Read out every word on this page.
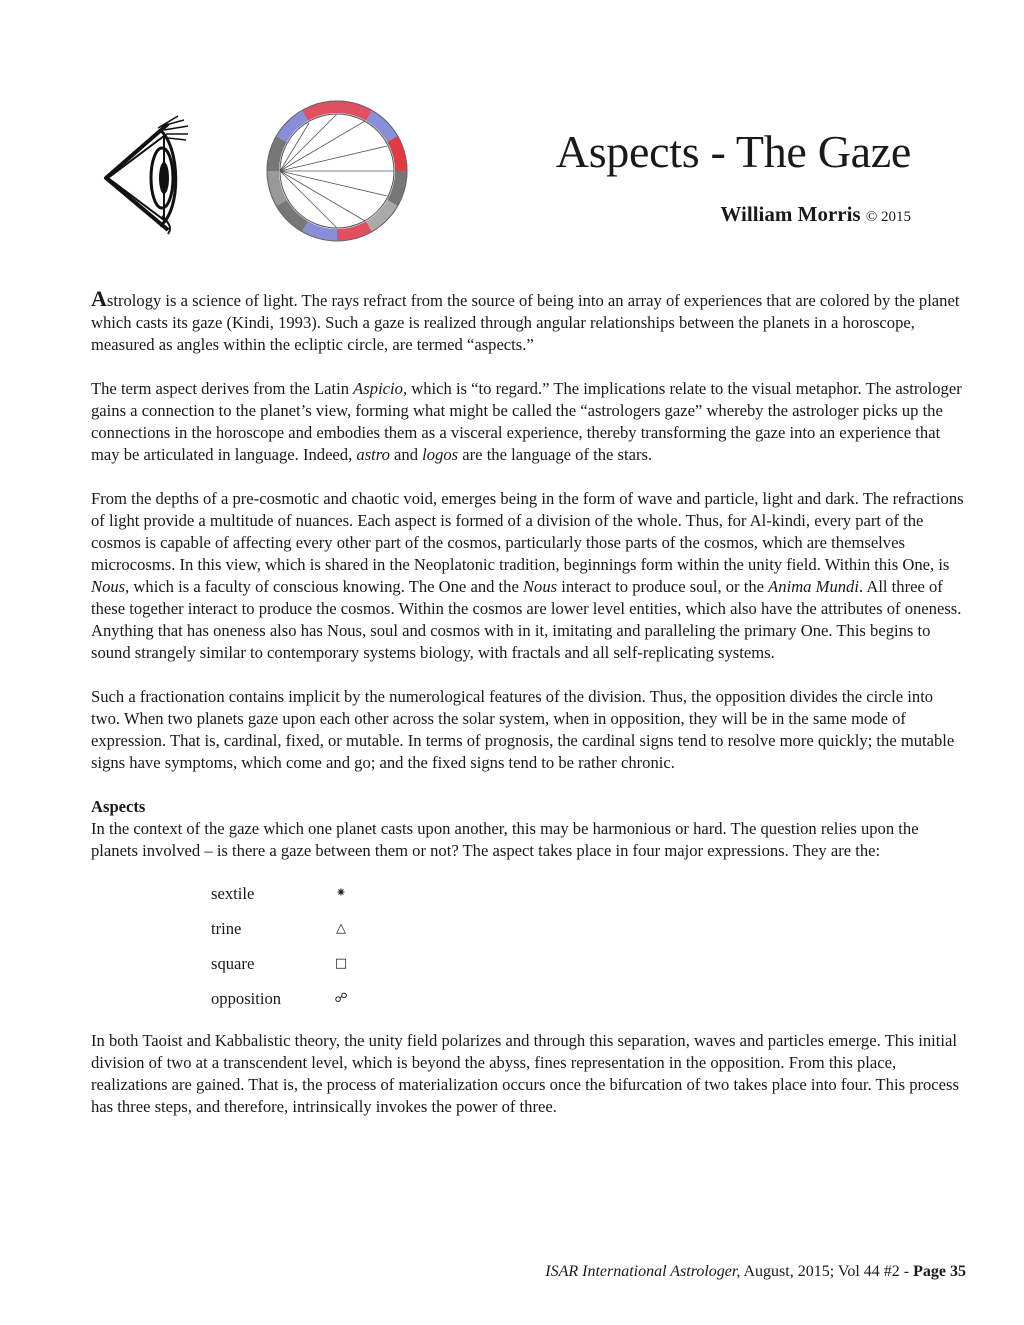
Aspects - The Gaze
William Morris © 2015

Astrology is a science of light. The rays refract from the source of being into an array of experiences that are colored by the planet which casts its gaze (Kindi, 1993). Such a gaze is realized through angular relationships between the planets in a horoscope, measured as angles within the ecliptic circle, are termed “aspects.”

The term aspect derives from the Latin Aspicio, which is “to regard.” The implications relate to the visual metaphor. The astrologer gains a connection to the planet’s view, forming what might be called the “astrologers gaze” whereby the astrologer picks up the connections in the horoscope and embodies them as a visceral experience, thereby transforming the gaze into an experience that may be articulated in language. Indeed, astro and logos are the language of the stars.

From the depths of a pre-cosmotic and chaotic void, emerges being in the form of wave and particle, light and dark. The refractions of light provide a multitude of nuances. Each aspect is formed of a division of the whole. Thus, for Al-kindi, every part of the cosmos is capable of affecting every other part of the cosmos, particularly those parts of the cosmos, which are themselves microcosms. In this view, which is shared in the Neoplatonic tradition, beginnings form within the unity field. Within this One, is Nous, which is a faculty of conscious knowing. The One and the Nous interact to produce soul, or the Anima Mundi. All three of these together interact to produce the cosmos. Within the cosmos are lower level entities, which also have the attributes of oneness. Anything that has oneness also has Nous, soul and cosmos with in it, imitating and paralleling the primary One. This begins to sound strangely similar to contemporary systems biology, with fractals and all self-replicating systems.

Such a fractionation contains implicit by the numerological features of the division. Thus, the opposition divides the circle into two. When two planets gaze upon each other across the solar system, when in opposition, they will be in the same mode of expression. That is, cardinal, fixed, or mutable. In terms of prognosis, the cardinal signs tend to resolve more quickly; the mutable signs have symptoms, which come and go; and the fixed signs tend to be rather chronic.

Aspects
In the context of the gaze which one planet casts upon another, this may be harmonious or hard. The question relies upon the planets involved – is there a gaze between them or not? The aspect takes place in four major expressions. They are the:

sextile	⁕
trine	△
square	□
opposition	☍

In both Taoist and Kabbalistic theory, the unity field polarizes and through this separation, waves and particles emerge. This initial division of two at a transcendent level, which is beyond the abyss, fines representation in the opposition. From this place, realizations are gained. That is, the process of materialization occurs once the bifurcation of two takes place into four. This process has three steps, and therefore, intrinsically invokes the power of three.

ISAR International Astrologer, August, 2015; Vol 44 #2 - Page 35
